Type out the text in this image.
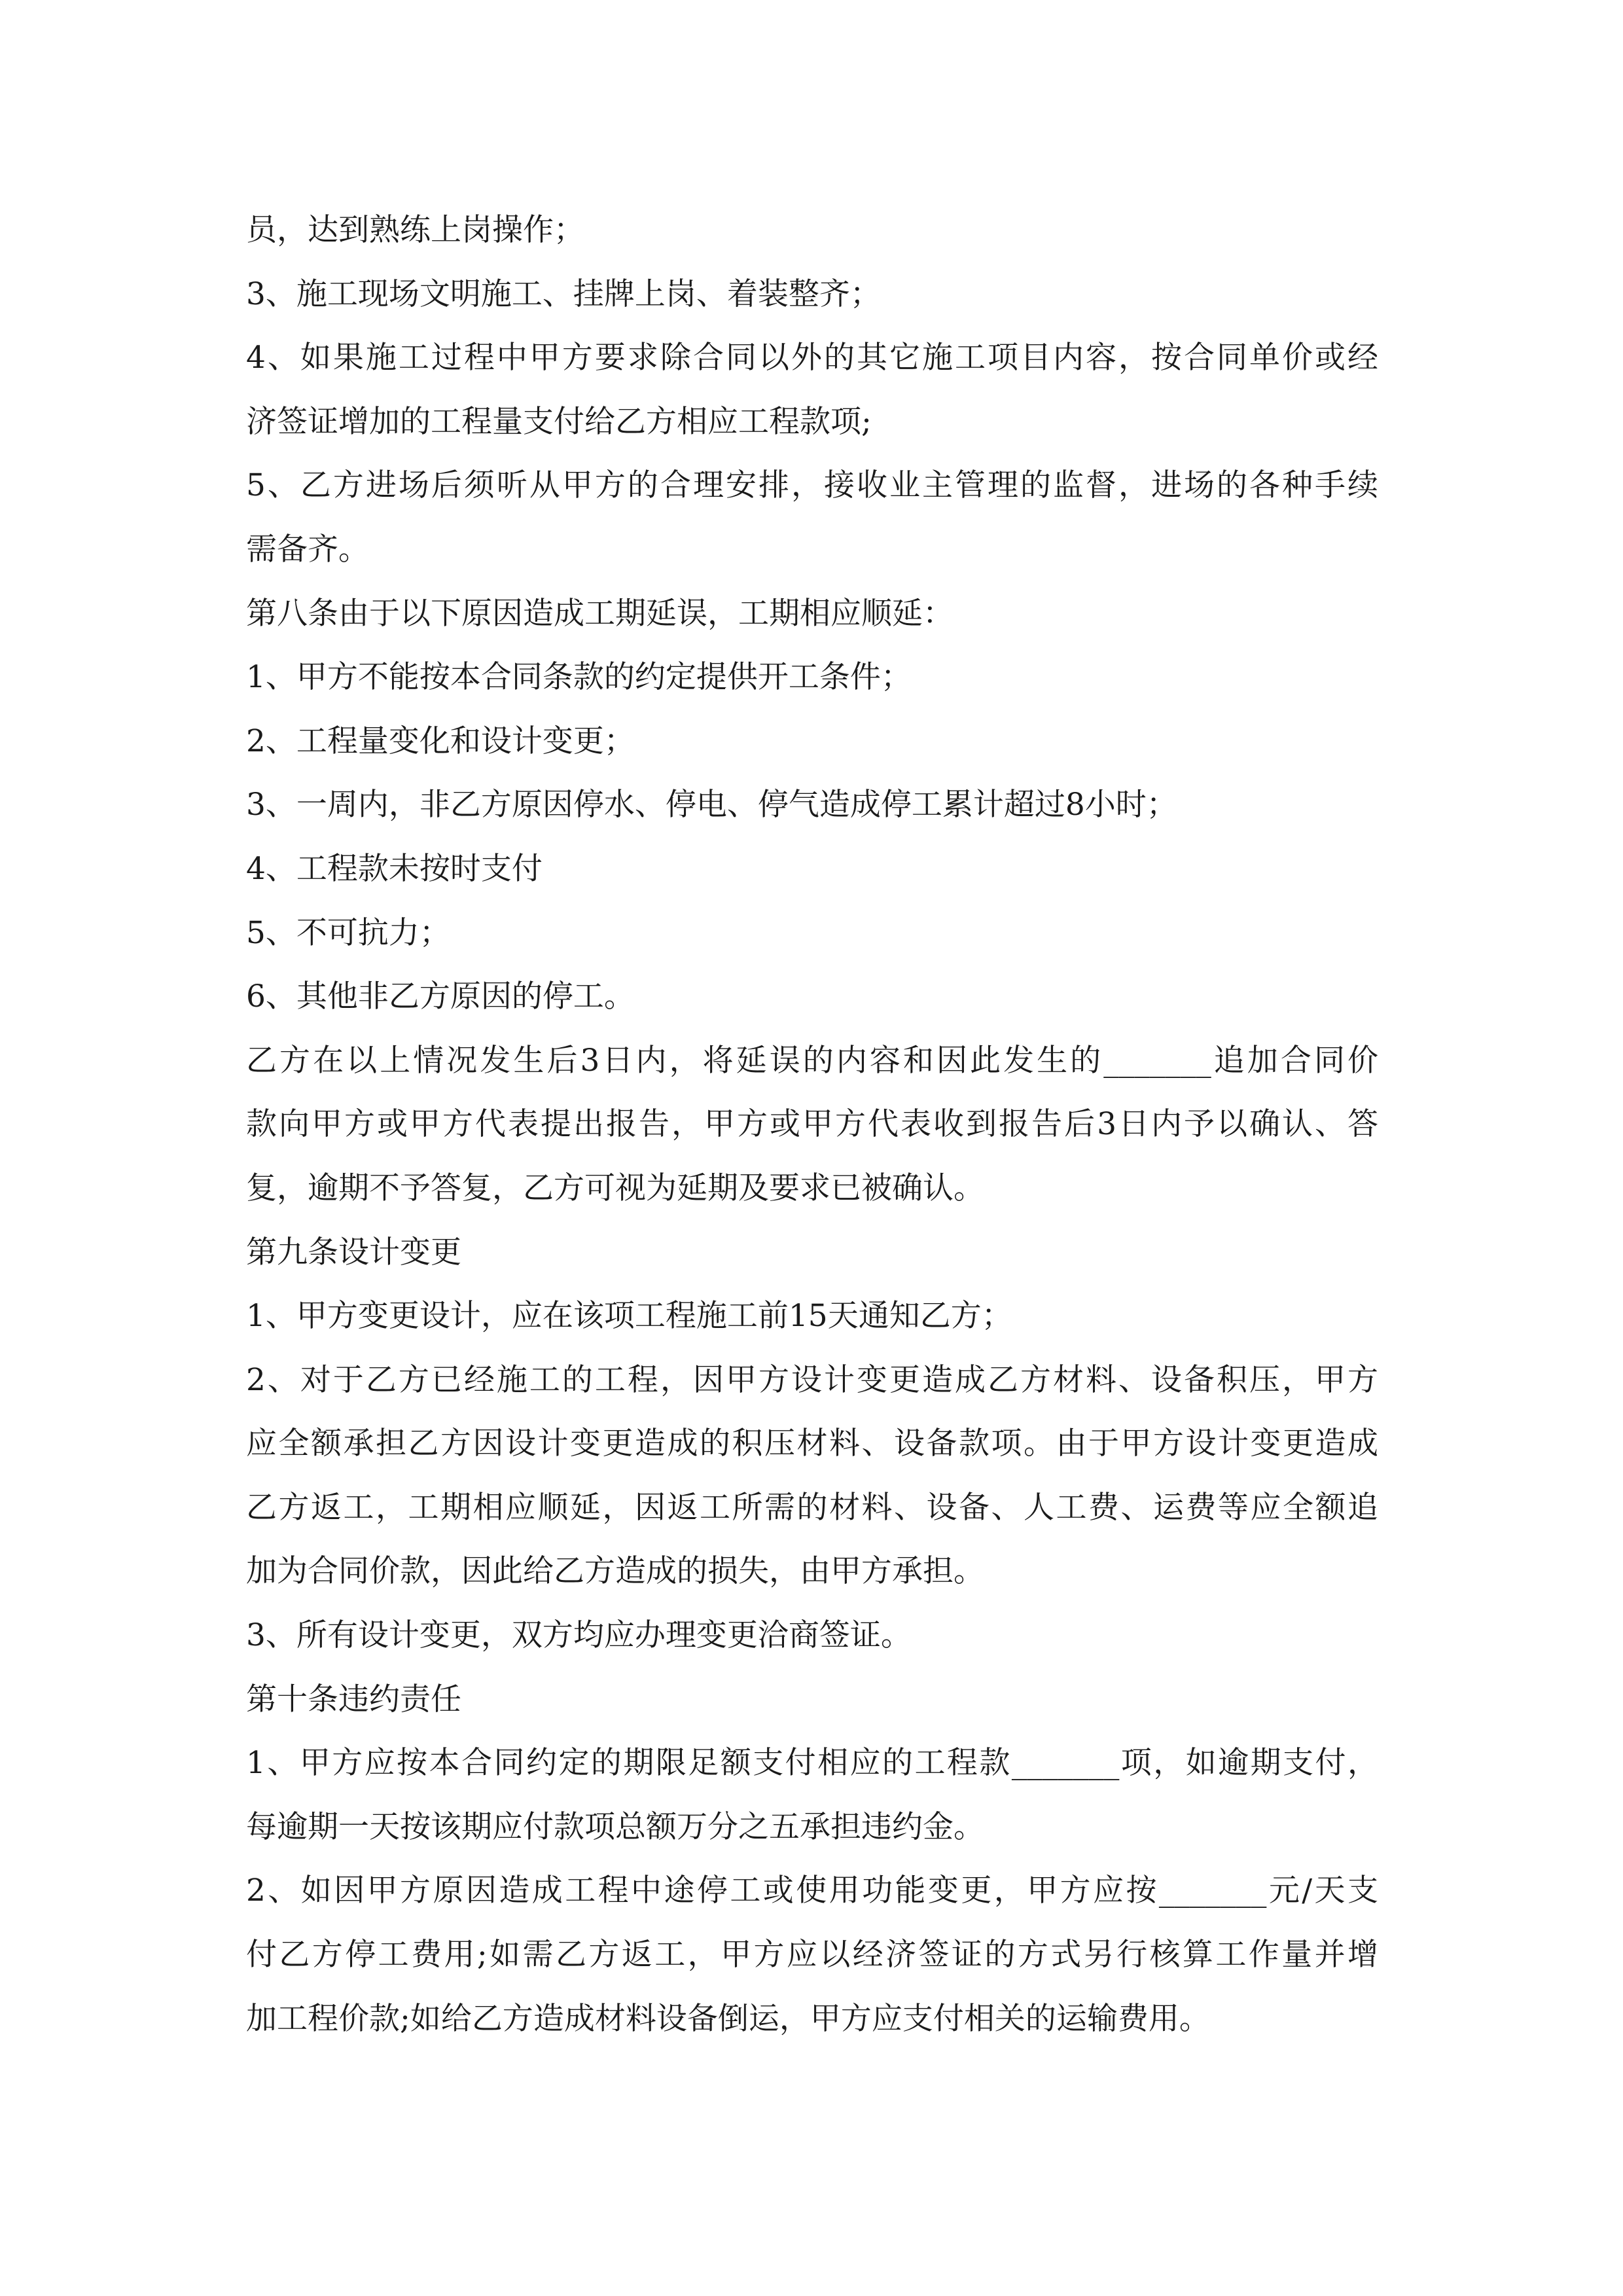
员，达到熟练上岗操作；
3、施工现场文明施工、挂牌上岗、着装整齐；
4、如果施工过程中甲方要求除合同以外的其它施工项目内容，按合同单价或经
济签证增加的工程量支付给乙方相应工程款项;
5、乙方进场后须听从甲方的合理安排，接收业主管理的监督，进场的各种手续
需备齐。
第八条由于以下原因造成工期延误，工期相应顺延：
1、甲方不能按本合同条款的约定提供开工条件；
2、工程量变化和设计变更；
3、一周内，非乙方原因停水、停电、停气造成停工累计超过8小时；
4、工程款未按时支付
5、不可抗力；
6、其他非乙方原因的停工。
乙方在以上情况发生后3日内，将延误的内容和因此发生的_______追加合同价
款向甲方或甲方代表提出报告，甲方或甲方代表收到报告后3日内予以确认、答
复，逾期不予答复，乙方可视为延期及要求已被确认。
第九条设计变更
1、甲方变更设计，应在该项工程施工前15天通知乙方；
2、对于乙方已经施工的工程，因甲方设计变更造成乙方材料、设备积压，甲方
应全额承担乙方因设计变更造成的积压材料、设备款项。由于甲方设计变更造成
乙方返工，工期相应顺延，因返工所需的材料、设备、人工费、运费等应全额追
加为合同价款，因此给乙方造成的损失，由甲方承担。
3、所有设计变更，双方均应办理变更洽商签证。
第十条违约责任
1、甲方应按本合同约定的期限足额支付相应的工程款_______项，如逾期支付，
每逾期一天按该期应付款项总额万分之五承担违约金。
2、如因甲方原因造成工程中途停工或使用功能变更，甲方应按_______元/天支
付乙方停工费用;如需乙方返工，甲方应以经济签证的方式另行核算工作量并增
加工程价款;如给乙方造成材料设备倒运，甲方应支付相关的运输费用。
